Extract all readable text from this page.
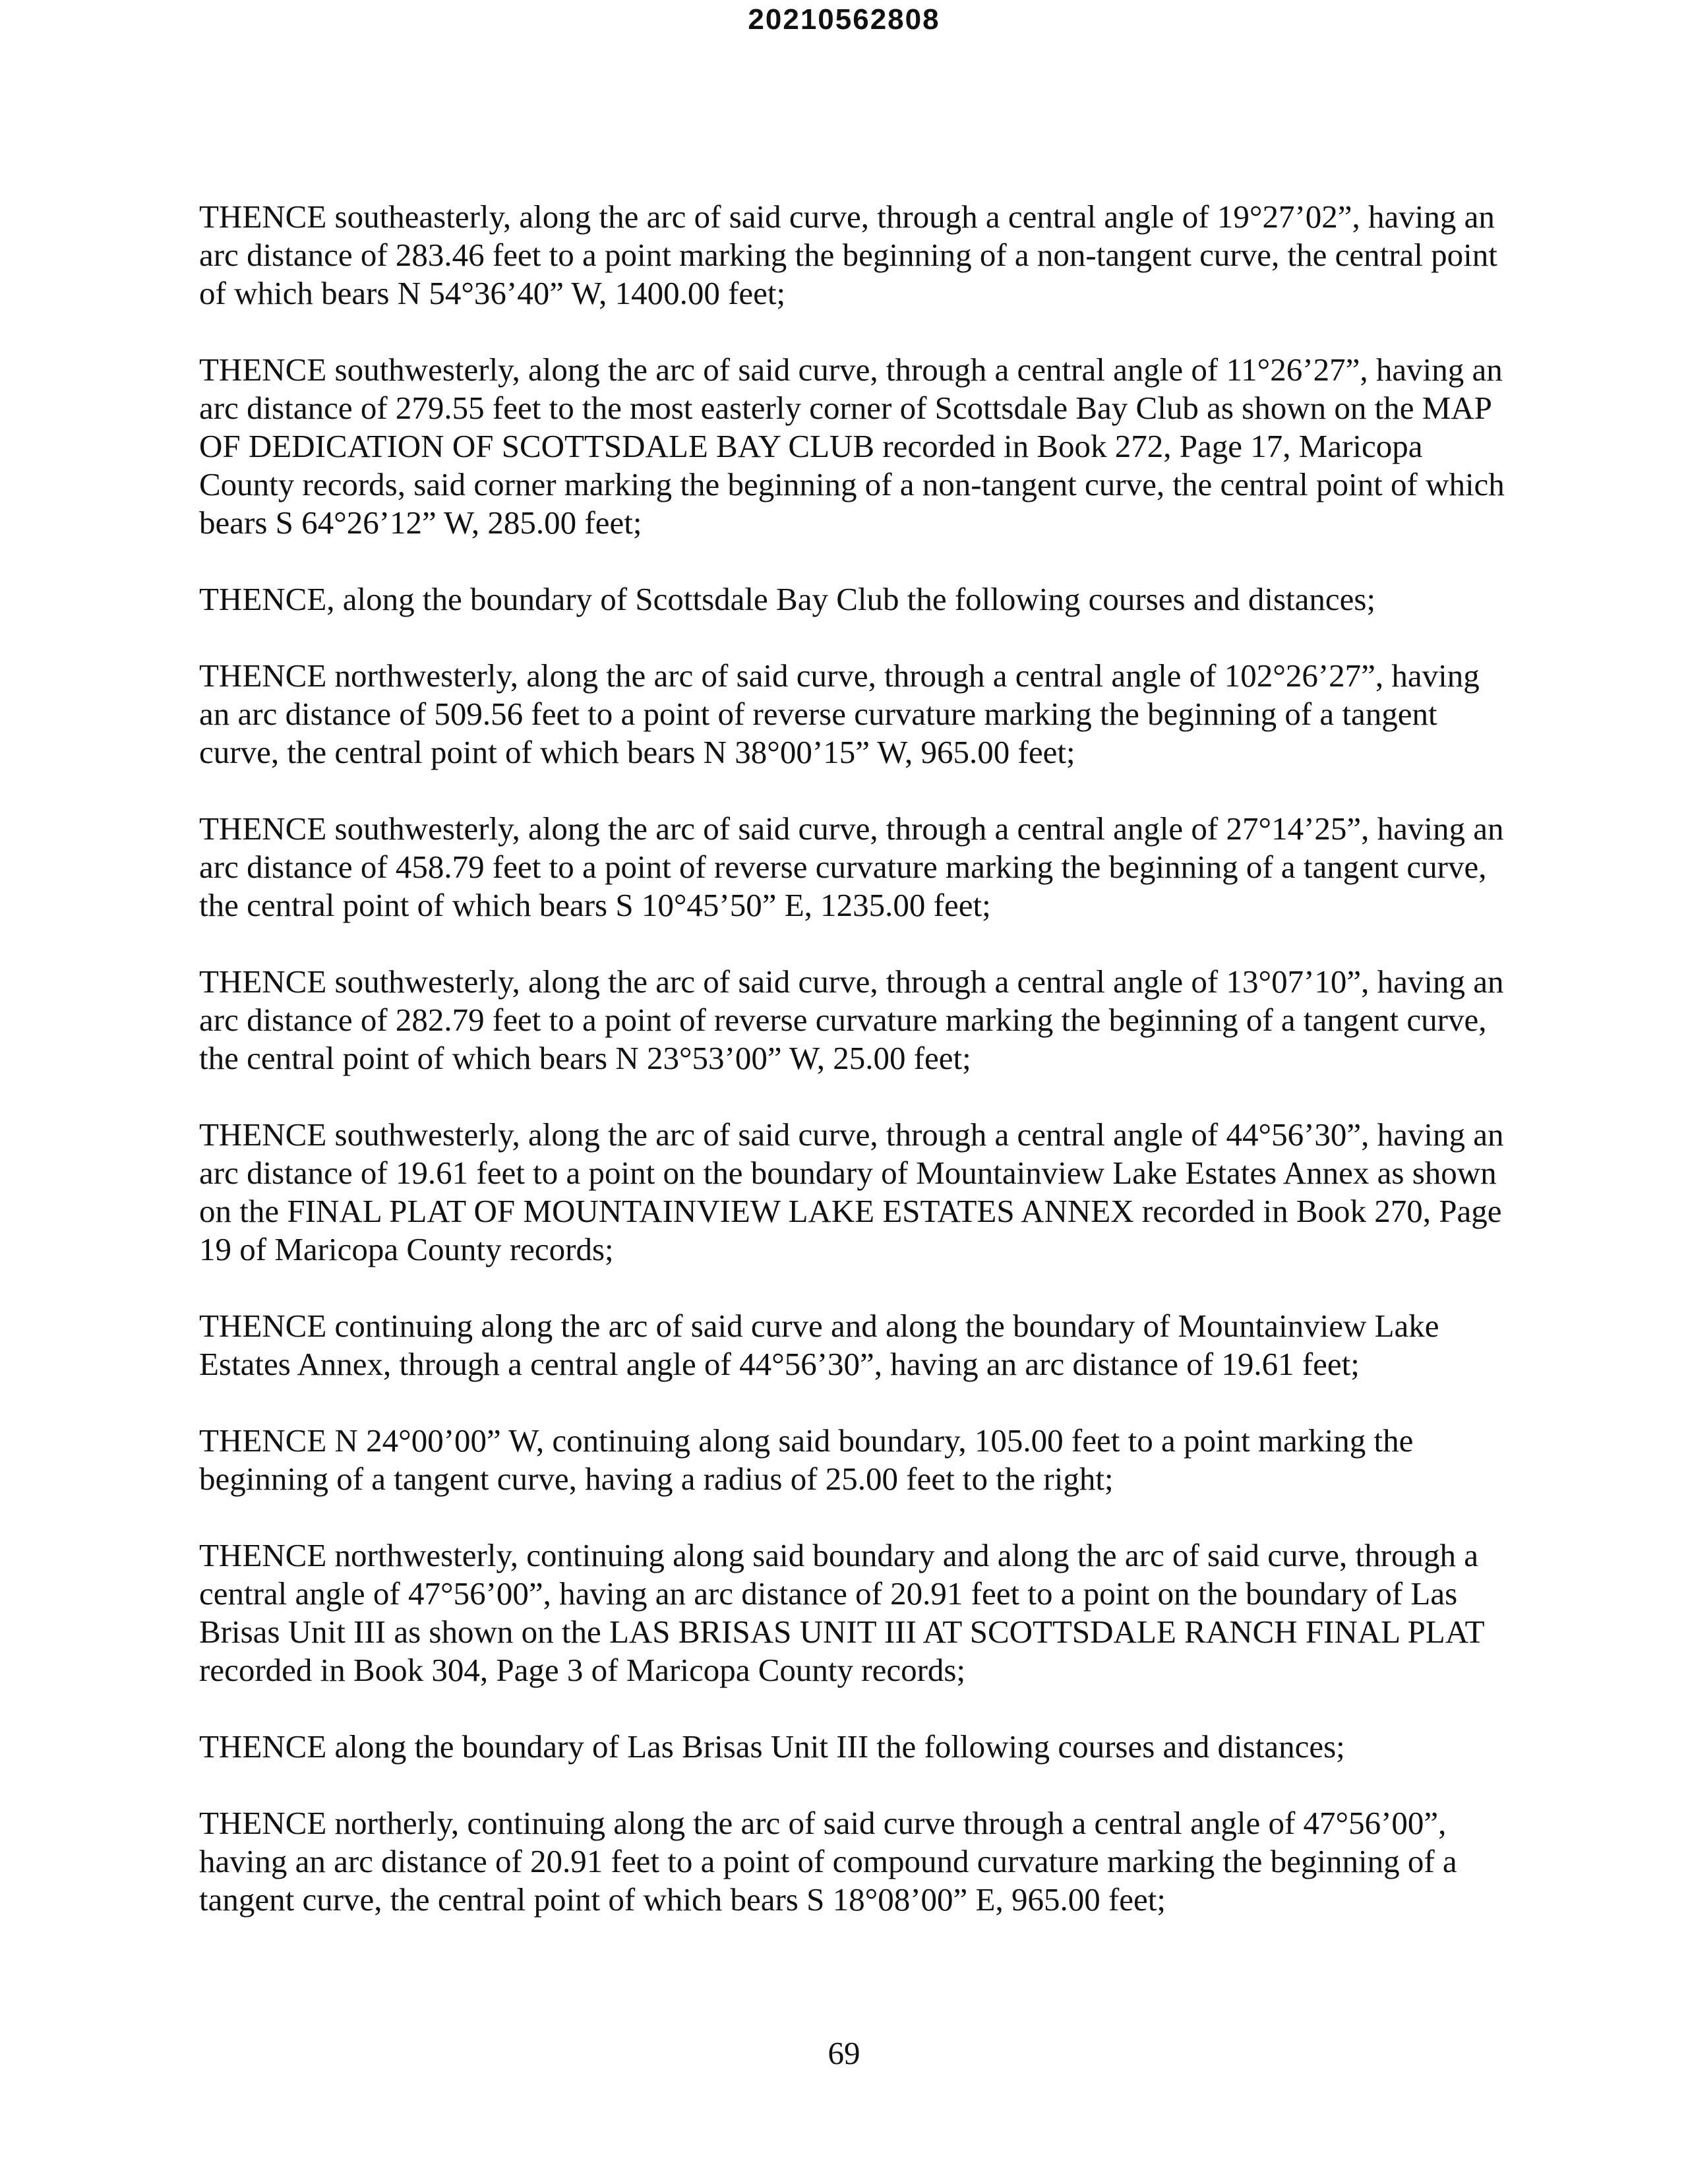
20210562808

THENCE southeasterly, along the arc of said curve, through a central angle of 19°27’02”, having an arc distance of 283.46 feet to a point marking the beginning of a non-tangent curve, the central point of which bears N 54°36’40” W, 1400.00 feet;

THENCE southwesterly, along the arc of said curve, through a central angle of 11°26’27”, having an arc distance of 279.55 feet to the most easterly corner of Scottsdale Bay Club as shown on the MAP OF DEDICATION OF SCOTTSDALE BAY CLUB recorded in Book 272, Page 17, Maricopa County records, said corner marking the beginning of a non-tangent curve, the central point of which bears S 64°26’12” W, 285.00 feet;

THENCE, along the boundary of Scottsdale Bay Club the following courses and distances;

THENCE northwesterly, along the arc of said curve, through a central angle of 102°26’27”, having an arc distance of 509.56 feet to a point of reverse curvature marking the beginning of a tangent curve, the central point of which bears N 38°00’15” W, 965.00 feet;

THENCE southwesterly, along the arc of said curve, through a central angle of 27°14’25”, having an arc distance of 458.79 feet to a point of reverse curvature marking the beginning of a tangent curve, the central point of which bears S 10°45’50” E, 1235.00 feet;

THENCE southwesterly, along the arc of said curve, through a central angle of 13°07’10”, having an arc distance of 282.79 feet to a point of reverse curvature marking the beginning of a tangent curve, the central point of which bears N 23°53’00” W, 25.00 feet;

THENCE southwesterly, along the arc of said curve, through a central angle of 44°56’30”, having an arc distance of 19.61 feet to a point on the boundary of Mountainview Lake Estates Annex as shown on the FINAL PLAT OF MOUNTAINVIEW LAKE ESTATES ANNEX recorded in Book 270, Page 19 of Maricopa County records;

THENCE continuing along the arc of said curve and along the boundary of Mountainview Lake Estates Annex, through a central angle of 44°56’30”, having an arc distance of 19.61 feet;

THENCE N 24°00’00” W, continuing along said boundary, 105.00 feet to a point marking the beginning of a tangent curve, having a radius of 25.00 feet to the right;

THENCE northwesterly, continuing along said boundary and along the arc of said curve, through a central angle of 47°56’00”, having an arc distance of 20.91 feet to a point on the boundary of Las Brisas Unit III as shown on the LAS BRISAS UNIT III AT SCOTTSDALE RANCH FINAL PLAT recorded in Book 304, Page 3 of Maricopa County records;

THENCE along the boundary of Las Brisas Unit III the following courses and distances;

THENCE northerly, continuing along the arc of said curve through a central angle of 47°56’00”, having an arc distance of 20.91 feet to a point of compound curvature marking the beginning of a tangent curve, the central point of which bears S 18°08’00” E, 965.00 feet;

69
